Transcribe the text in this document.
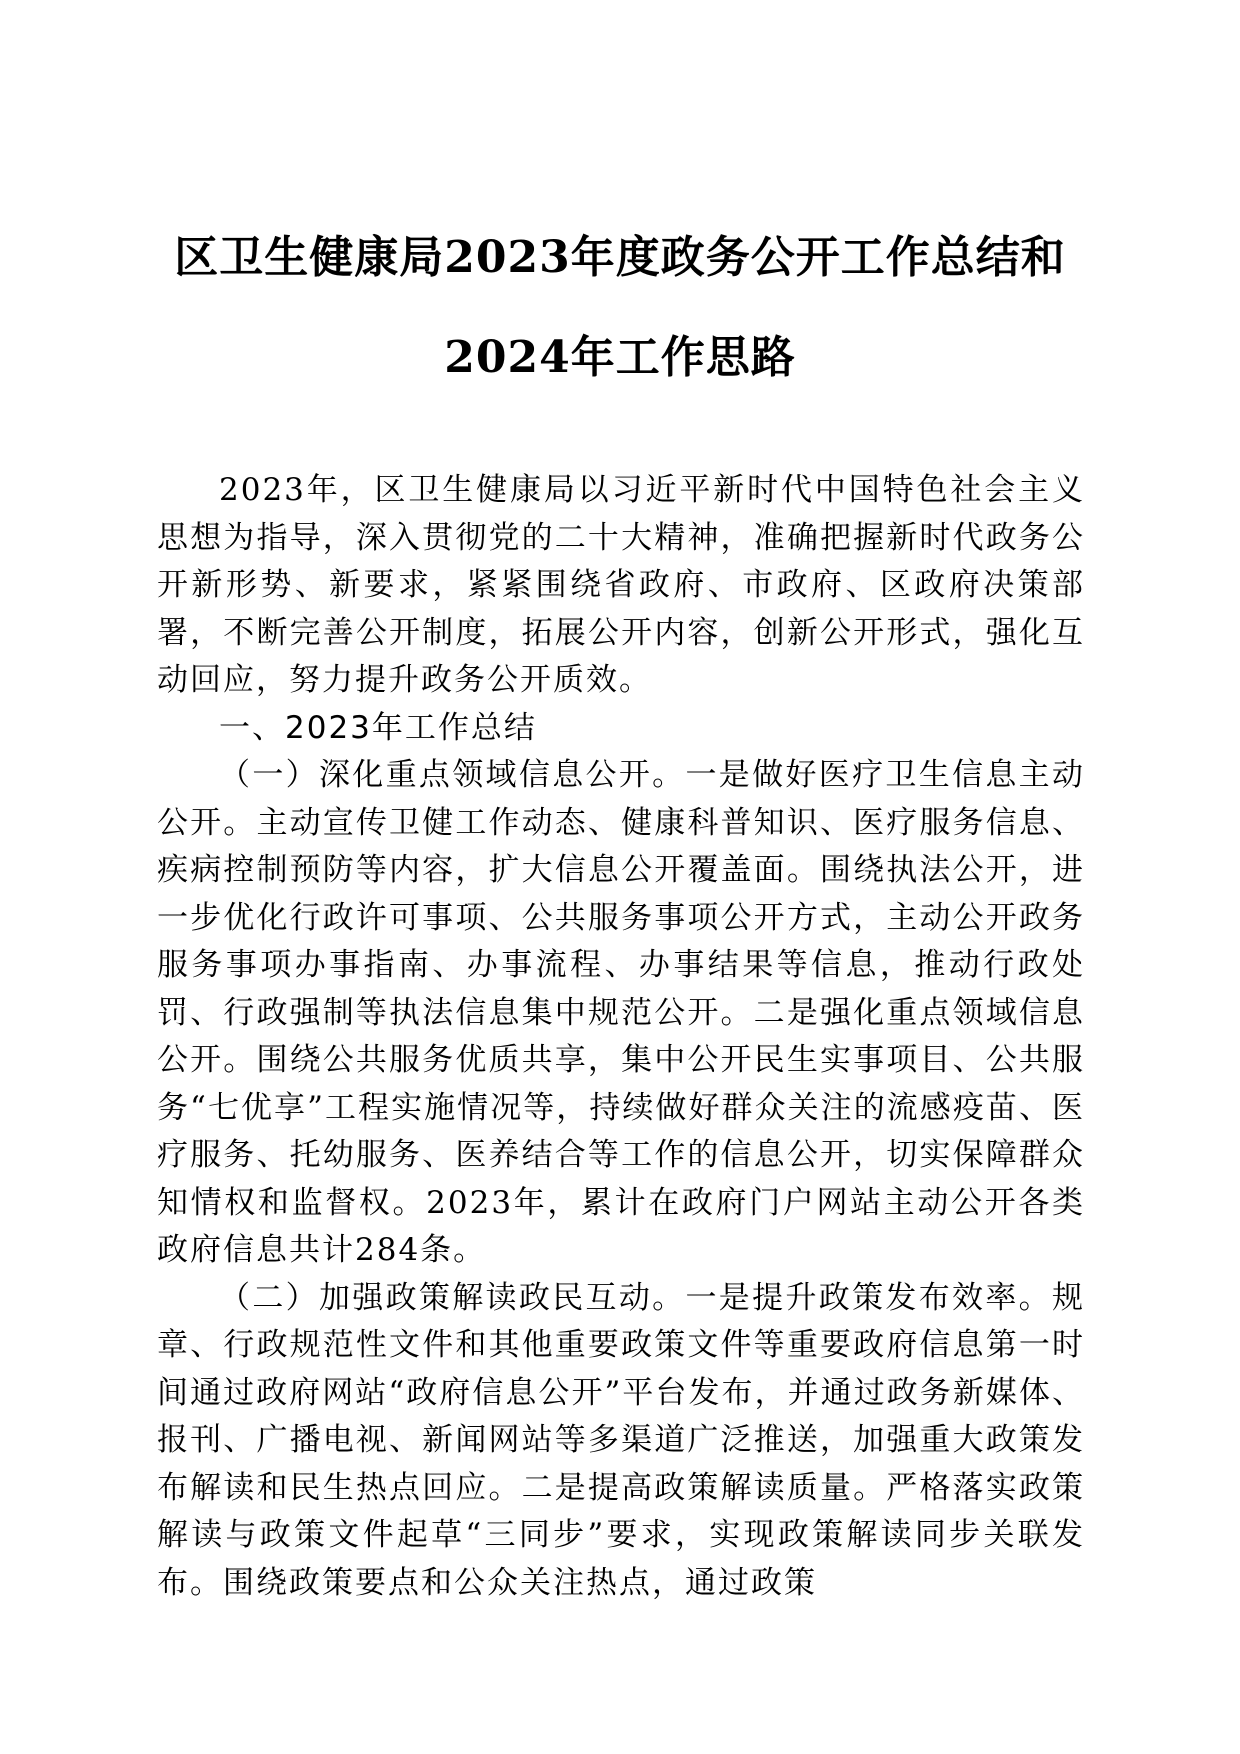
区卫生健康局2023年度政务公开工作总结和
2024年工作思路

2023年，区卫生健康局以习近平新时代中国特色社会主义思想为指导，深入贯彻党的二十大精神，准确把握新时代政务公开新形势、新要求，紧紧围绕省政府、市政府、区政府决策部署，不断完善公开制度，拓展公开内容，创新公开形式，强化互动回应，努力提升政务公开质效。

一、2023年工作总结

（一）深化重点领域信息公开。一是做好医疗卫生信息主动公开。主动宣传卫健工作动态、健康科普知识、医疗服务信息、疾病控制预防等内容，扩大信息公开覆盖面。围绕执法公开，进一步优化行政许可事项、公共服务事项公开方式，主动公开政务服务事项办事指南、办事流程、办事结果等信息，推动行政处罚、行政强制等执法信息集中规范公开。二是强化重点领域信息公开。围绕公共服务优质共享，集中公开民生实事项目、公共服务“七优享”工程实施情况等，持续做好群众关注的流感疫苗、医疗服务、托幼服务、医养结合等工作的信息公开，切实保障群众知情权和监督权。2023年，累计在政府门户网站主动公开各类政府信息共计284条。

（二）加强政策解读政民互动。一是提升政策发布效率。规章、行政规范性文件和其他重要政策文件等重要政府信息第一时间通过政府网站“政府信息公开”平台发布，并通过政务新媒体、报刊、广播电视、新闻网站等多渠道广泛推送，加强重大政策发布解读和民生热点回应。二是提高政策解读质量。严格落实政策解读与政策文件起草“三同步”要求，实现政策解读同步关联发布。围绕政策要点和公众关注热点，通过政策
